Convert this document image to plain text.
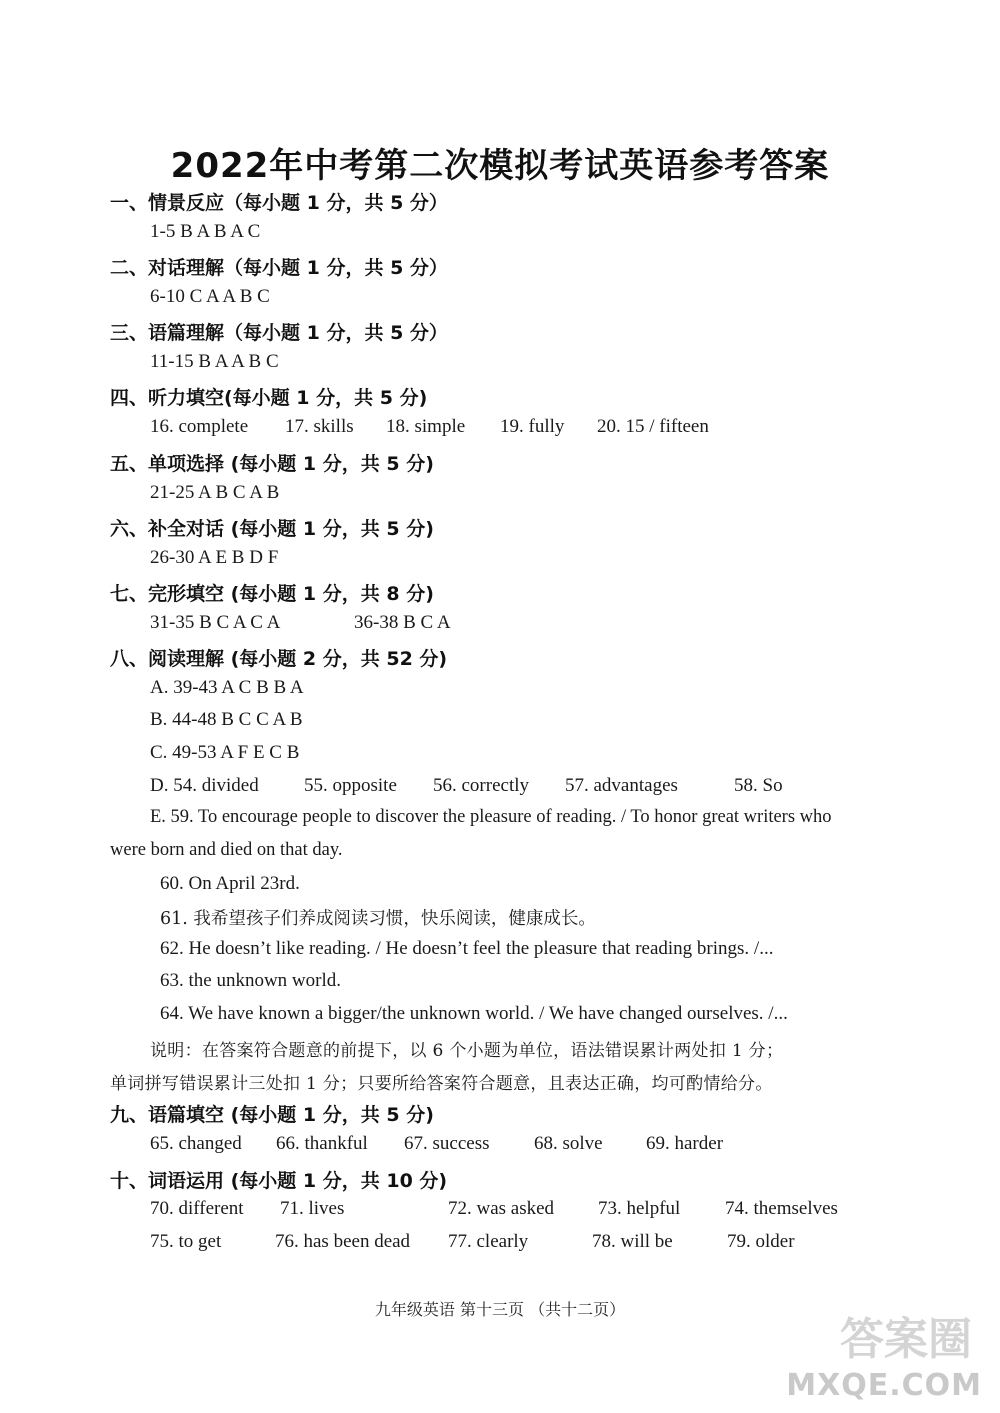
2022年中考第二次模拟考试英语参考答案
一、情景反应（每小题 1 分，共 5 分）
1-5 B A B A C
二、对话理解（每小题 1 分，共 5 分）
6-10 C A A B C
三、语篇理解（每小题 1 分，共 5 分）
11-15 B A A B C
四、听力填空(每小题 1 分，共 5 分)
16. complete 17. skills 18. simple 19. fully 20. 15 / fifteen
五、单项选择 (每小题 1 分，共 5 分)
21-25 A B C A B
六、补全对话 (每小题 1 分，共 5 分)
26-30 A E B D F
七、完形填空 (每小题 1 分，共 8 分)
31-35 B C A C A	36-38 B C A
八、阅读理解 (每小题 2 分，共 52 分)
A. 39-43 A C B B A
B. 44-48 B C C A B
C. 49-53 A F E C B
D. 54. divided 55. opposite 56. correctly 57. advantages	58. So
E. 59. To encourage people to discover the pleasure of reading. / To honor great writers who
were born and died on that day.
60. On April 23rd.
61. 我希望孩子们养成阅读习惯，快乐阅读，健康成长。
62. He doesn’t like reading. / He doesn’t feel the pleasure that reading brings. /...
63. the unknown world.
64. We have known a bigger/the unknown world. / We have changed ourselves. /...
说明：在答案符合题意的前提下，以 6 个小题为单位，语法错误累计两处扣 1 分；
单词拼写错误累计三处扣 1 分；只要所给答案符合题意，且表达正确，均可酌情给分。
九、语篇填空 (每小题 1 分，共 5 分)
65. changed 66. thankful 67. success 68. solve 69. harder
十、词语运用 (每小题 1 分，共 10 分)
70. different 71. lives	72. was asked 73. helpful 74. themselves
75. to get	76. has been dead 77. clearly	78. will be	79. older
九年级英语 第十三页 （共十二页）
答案圈
MXQE.COM
